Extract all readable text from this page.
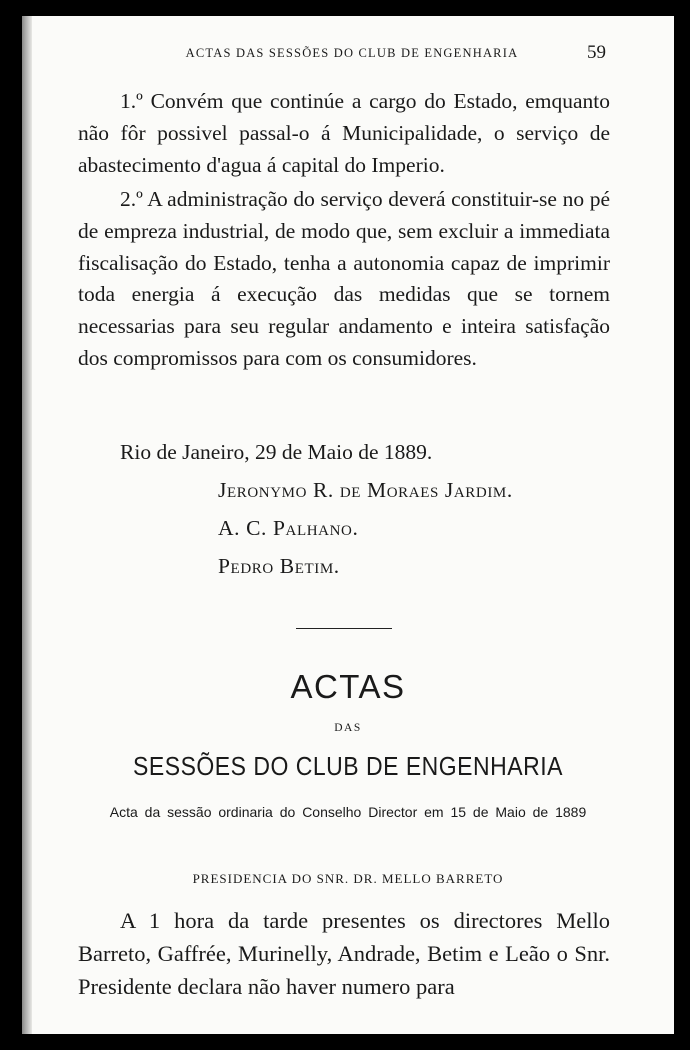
ACTAS DAS SESSÕES DO CLUB DE ENGENHARIA	59

1.º Convém que continúe a cargo do Estado, emquanto não fôr possivel passal-o á Municipalidade, o serviço de abastecimento d'agua á capital do Imperio.

2.º A administração do serviço deverá constituir-se no pé de empreza industrial, de modo que, sem excluir a immediata fiscalisação do Estado, tenha a autonomia capaz de imprimir toda energia á execução das medidas que se tornem necessarias para seu regular andamento e inteira satisfação dos compromissos para com os consumidores.

Rio de Janeiro, 29 de Maio de 1889.
Jeronymo R. de Moraes Jardim.
A. C. Palhano.
Pedro Betim.
ACTAS
DAS
SESSÕES DO CLUB DE ENGENHARIA
Acta da sessão ordinaria do Conselho Director em 15 de Maio de 1889
PRESIDENCIA DO SNR. DR. MELLO BARRETO

A 1 hora da tarde presentes os directores Mello Barreto, Gaffrée, Murinelly, Andrade, Betim e Leão o Snr. Presidente declara não haver numero para
